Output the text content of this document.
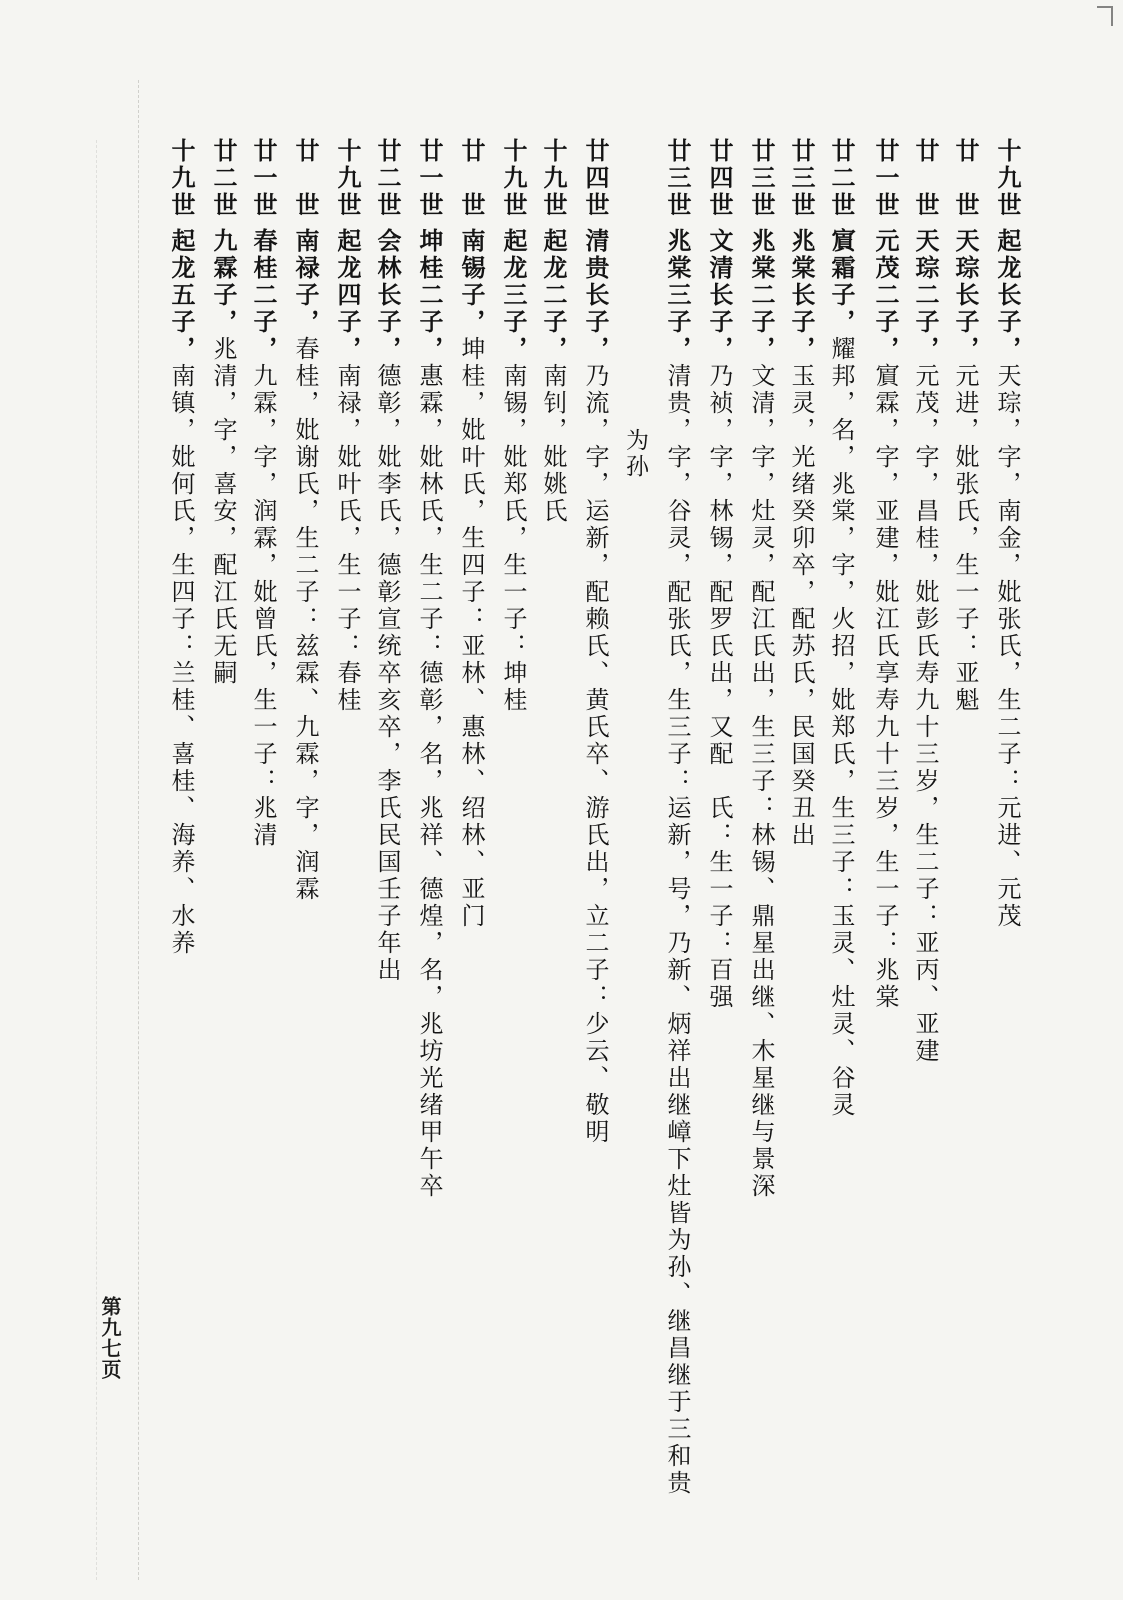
十九世起龙长子，天琮，字，南金，妣张氏，生二子：元进、元茂
廿　世天琮长子，元进，妣张氏，生一子：亚魁
廿　世天琮二子，元茂，字，昌桂，妣彭氏寿九十三岁，生二子：亚丙、亚建
廿一世元茂二子，賔霖，字，亚建，妣江氏享寿九十三岁，生一子：兆棠
廿二世賔霜子，耀邦，名，兆棠，字，火招，妣郑氏，生三子：玉灵、灶灵、谷灵
廿三世兆棠长子，玉灵，光绪癸卯卒，配苏氏，民国癸丑出
廿三世兆棠二子，文清，字，灶灵，配江氏出，生三子：林锡、鼎星出继、木星继与景深
廿四世文清长子，乃祯，字，林锡，配罗氏出，又配　氏：生一子：百强
廿三世兆棠三子，清贵，字，谷灵，配张氏，生三子：运新，号，乃新、炳祥出继嶂下灶皆为孙、继昌继于三和贵
为孙
廿四世清贵长子，乃流，字，运新，配赖氏、黄氏卒、游氏出，立二子：少云、敬明
十九世起龙二子，南钊，妣姚氏
十九世起龙三子，南锡，妣郑氏，生一子：坤桂
廿　世南锡子，坤桂，妣叶氏，生四子：亚林、惠林、绍林、亚门
廿一世坤桂二子，惠霖，妣林氏，生二子：德彰，名，兆祥、德煌，名，兆坊光绪甲午卒
廿二世会林长子，德彰，妣李氏，德彰宣统卒亥卒，李氏民国壬子年出
十九世起龙四子，南禄，妣叶氏，生一子：春桂
廿　世南禄子，春桂，妣谢氏，生二子：兹霖、九霖，字，润霖
廿一世春桂二子，九霖，字，润霖，妣曾氏，生一子：兆清
廿二世九霖子，兆清，字，喜安，配江氏无嗣
十九世起龙五子，南镇，妣何氏，生四子：兰桂、喜桂、海养、水养
第九七页
